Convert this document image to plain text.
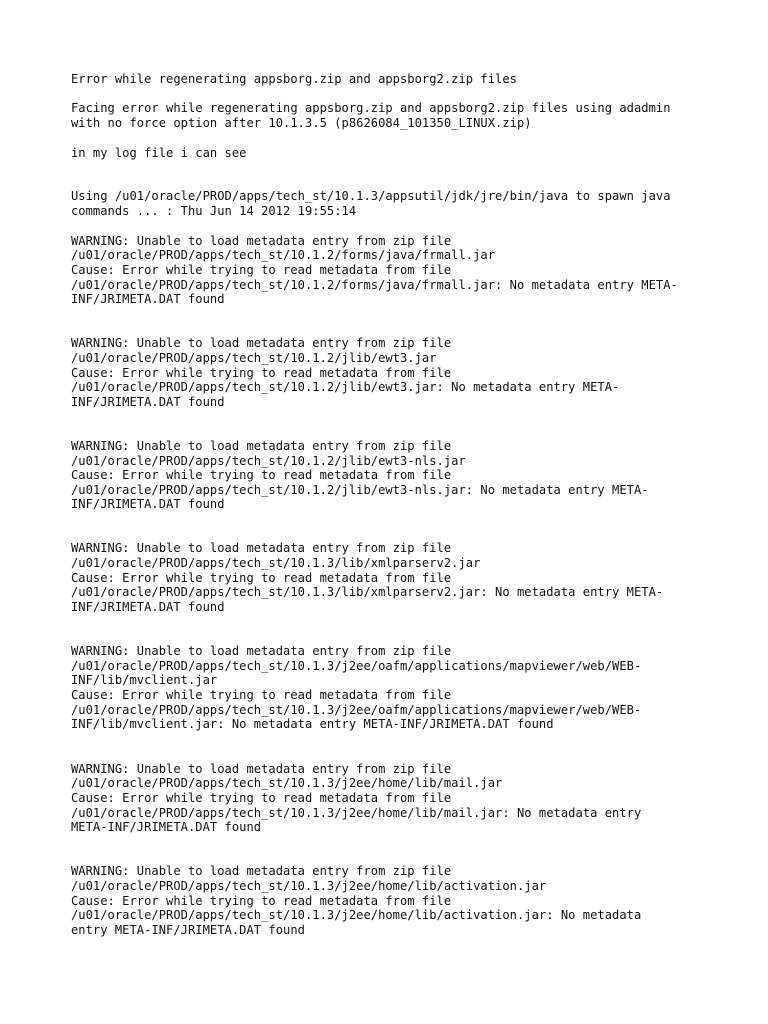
Error while regenerating appsborg.zip and appsborg2.zip files
Facing error while regenerating appsborg.zip and appsborg2.zip files using adadmin
with no force option after 10.1.3.5 (p8626084_101350_LINUX.zip)
in my log file i can see
Using /u01/oracle/PROD/apps/tech_st/10.1.3/appsutil/jdk/jre/bin/java to spawn java
commands ... : Thu Jun 14 2012 19:55:14
WARNING: Unable to load metadata entry from zip file
/u01/oracle/PROD/apps/tech_st/10.1.2/forms/java/frmall.jar
Cause: Error while trying to read metadata from file
/u01/oracle/PROD/apps/tech_st/10.1.2/forms/java/frmall.jar: No metadata entry META-
INF/JRIMETA.DAT found
WARNING: Unable to load metadata entry from zip file
/u01/oracle/PROD/apps/tech_st/10.1.2/jlib/ewt3.jar
Cause: Error while trying to read metadata from file
/u01/oracle/PROD/apps/tech_st/10.1.2/jlib/ewt3.jar: No metadata entry META-
INF/JRIMETA.DAT found
WARNING: Unable to load metadata entry from zip file
/u01/oracle/PROD/apps/tech_st/10.1.2/jlib/ewt3-nls.jar
Cause: Error while trying to read metadata from file
/u01/oracle/PROD/apps/tech_st/10.1.2/jlib/ewt3-nls.jar: No metadata entry META-
INF/JRIMETA.DAT found
WARNING: Unable to load metadata entry from zip file
/u01/oracle/PROD/apps/tech_st/10.1.3/lib/xmlparserv2.jar
Cause: Error while trying to read metadata from file
/u01/oracle/PROD/apps/tech_st/10.1.3/lib/xmlparserv2.jar: No metadata entry META-
INF/JRIMETA.DAT found
WARNING: Unable to load metadata entry from zip file
/u01/oracle/PROD/apps/tech_st/10.1.3/j2ee/oafm/applications/mapviewer/web/WEB-
INF/lib/mvclient.jar
Cause: Error while trying to read metadata from file
/u01/oracle/PROD/apps/tech_st/10.1.3/j2ee/oafm/applications/mapviewer/web/WEB-
INF/lib/mvclient.jar: No metadata entry META-INF/JRIMETA.DAT found
WARNING: Unable to load metadata entry from zip file
/u01/oracle/PROD/apps/tech_st/10.1.3/j2ee/home/lib/mail.jar
Cause: Error while trying to read metadata from file
/u01/oracle/PROD/apps/tech_st/10.1.3/j2ee/home/lib/mail.jar: No metadata entry
META-INF/JRIMETA.DAT found
WARNING: Unable to load metadata entry from zip file
/u01/oracle/PROD/apps/tech_st/10.1.3/j2ee/home/lib/activation.jar
Cause: Error while trying to read metadata from file
/u01/oracle/PROD/apps/tech_st/10.1.3/j2ee/home/lib/activation.jar: No metadata
entry META-INF/JRIMETA.DAT found
